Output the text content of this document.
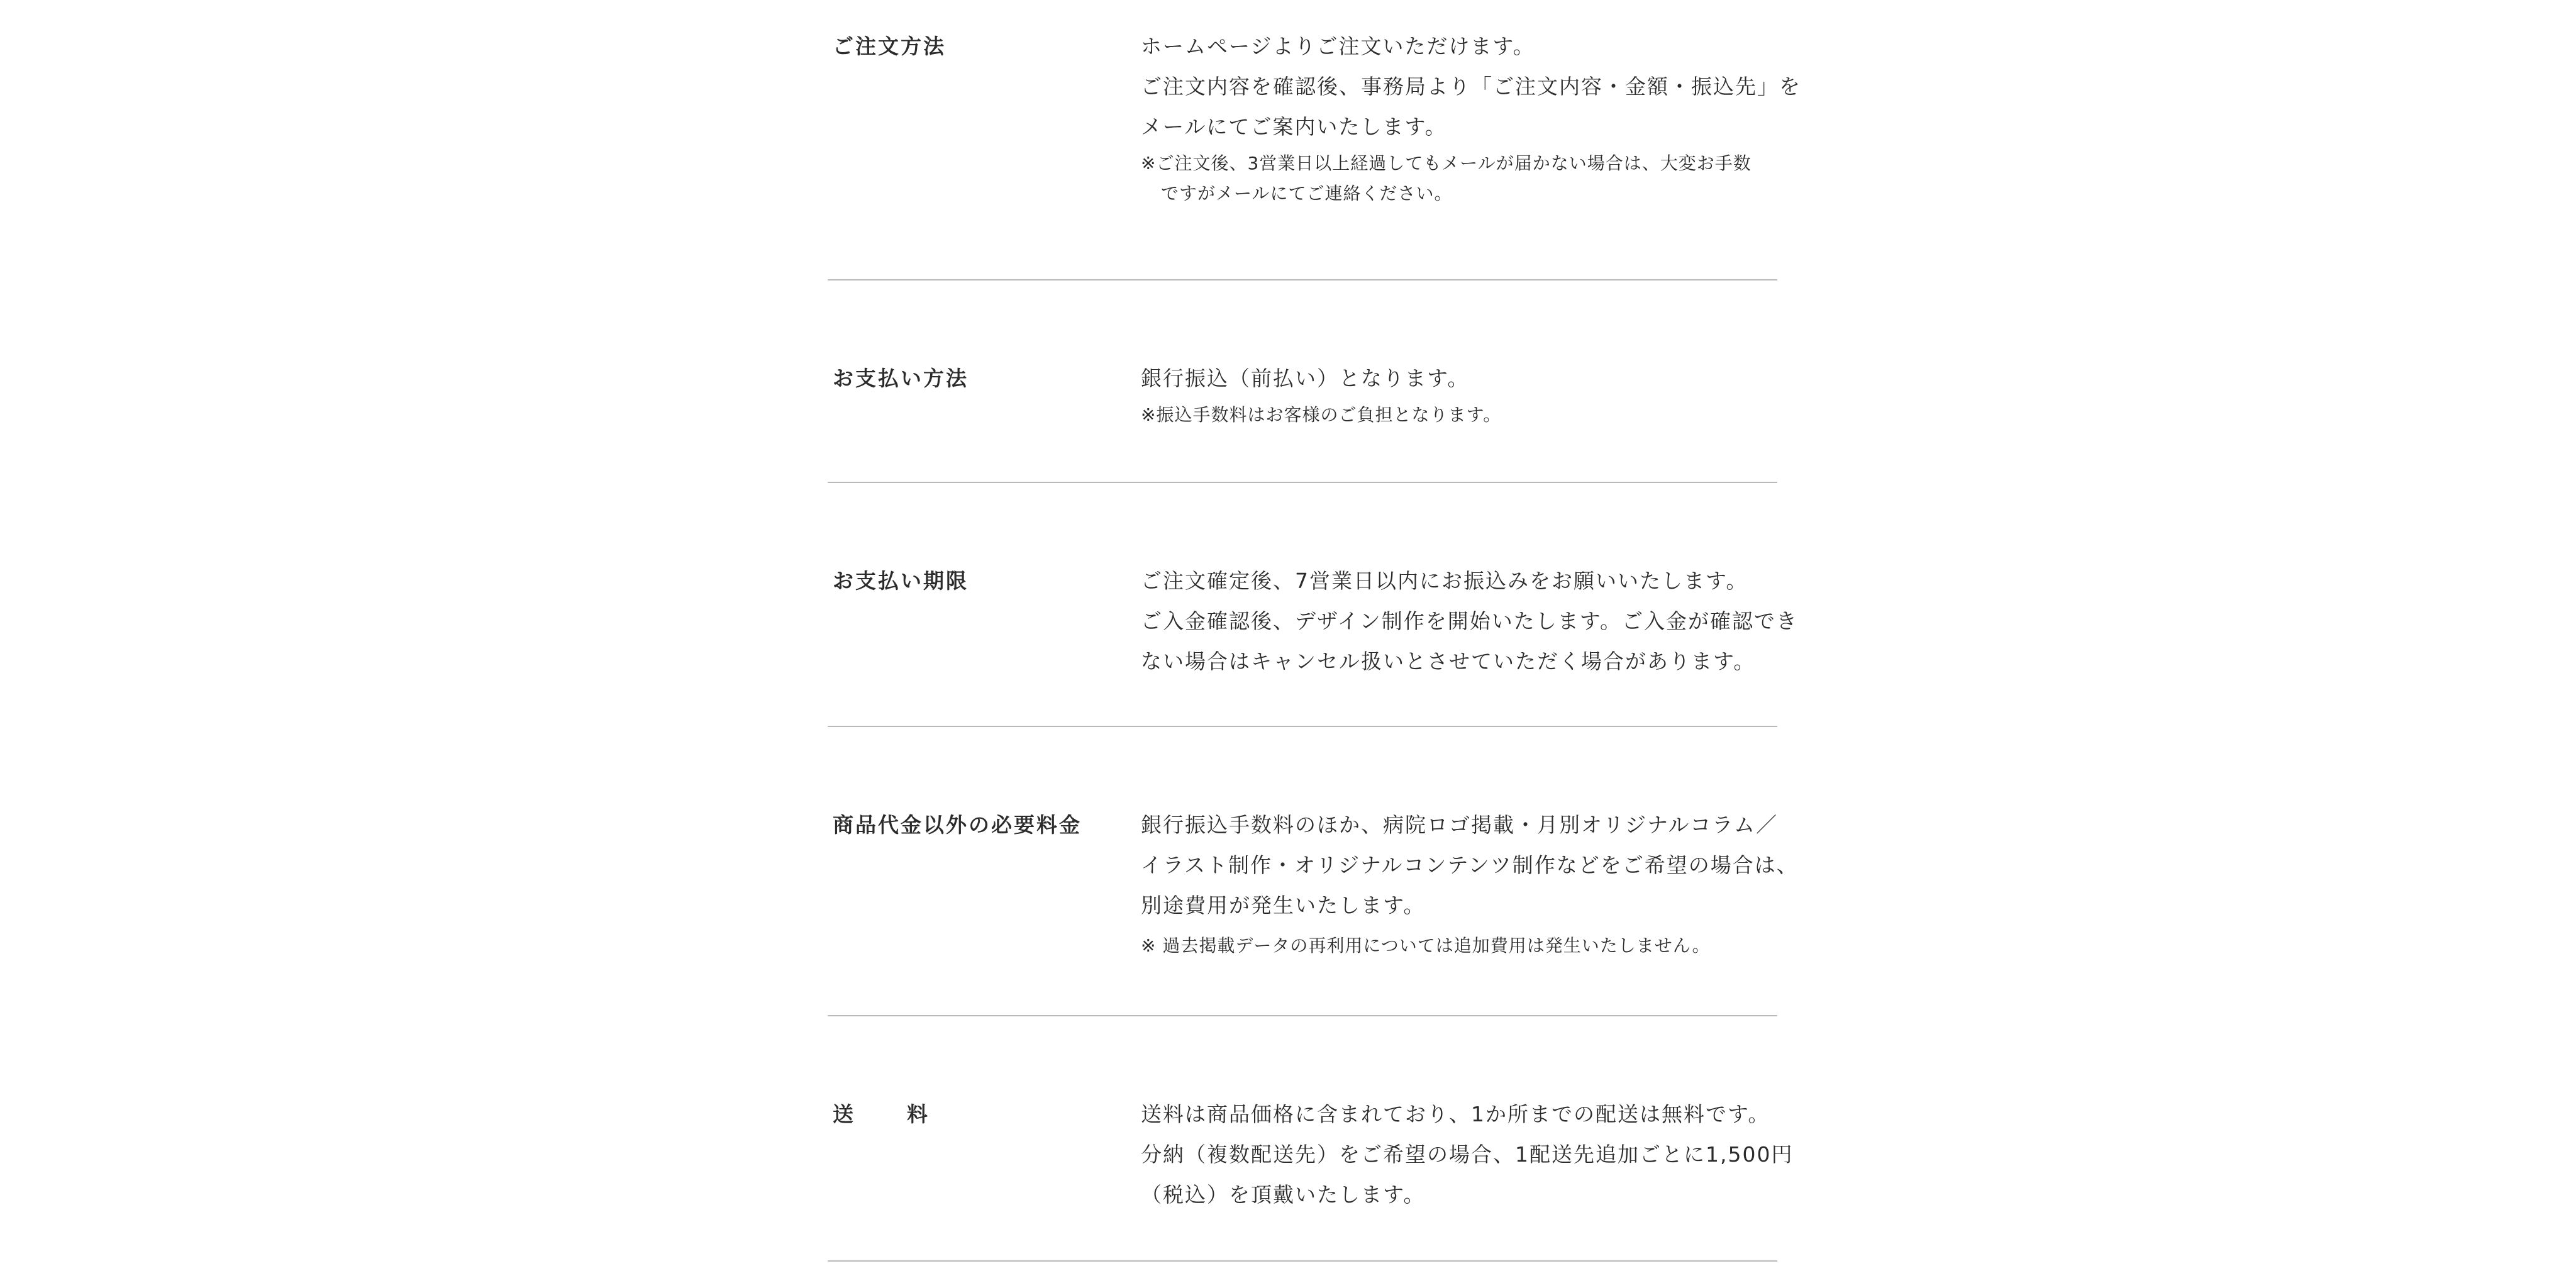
ご注文方法	ホームページよりご注文いただけます。
ご注文内容を確認後、事務局より「ご注文内容・金額・振込先」を
メールにてご案内いたします。
※ご注文後、3営業日以上経過してもメールが届かない場合は、大変お手数
ですがメールにてご連絡ください。
お支払い方法	銀行振込（前払い）となります。
※振込手数料はお客様のご負担となります。
お支払い期限	ご注文確定後、7営業日以内にお振込みをお願いいたします。
ご入金確認後、デザイン制作を開始いたします。ご入金が確認でき
ない場合はキャンセル扱いとさせていただく場合があります。
商品代金以外の必要料金	銀行振込手数料のほか、病院ロゴ掲載・月別オリジナルコラム／
イラスト制作・オリジナルコンテンツ制作などをご希望の場合は、
別途費用が発生いたします。
※ 過去掲載データの再利用については追加費用は発生いたしません。
送　料	送料は商品価格に含まれており、1か所までの配送は無料です。
分納（複数配送先）をご希望の場合、1配送先追加ごとに1,500円
（税込）を頂戴いたします。
